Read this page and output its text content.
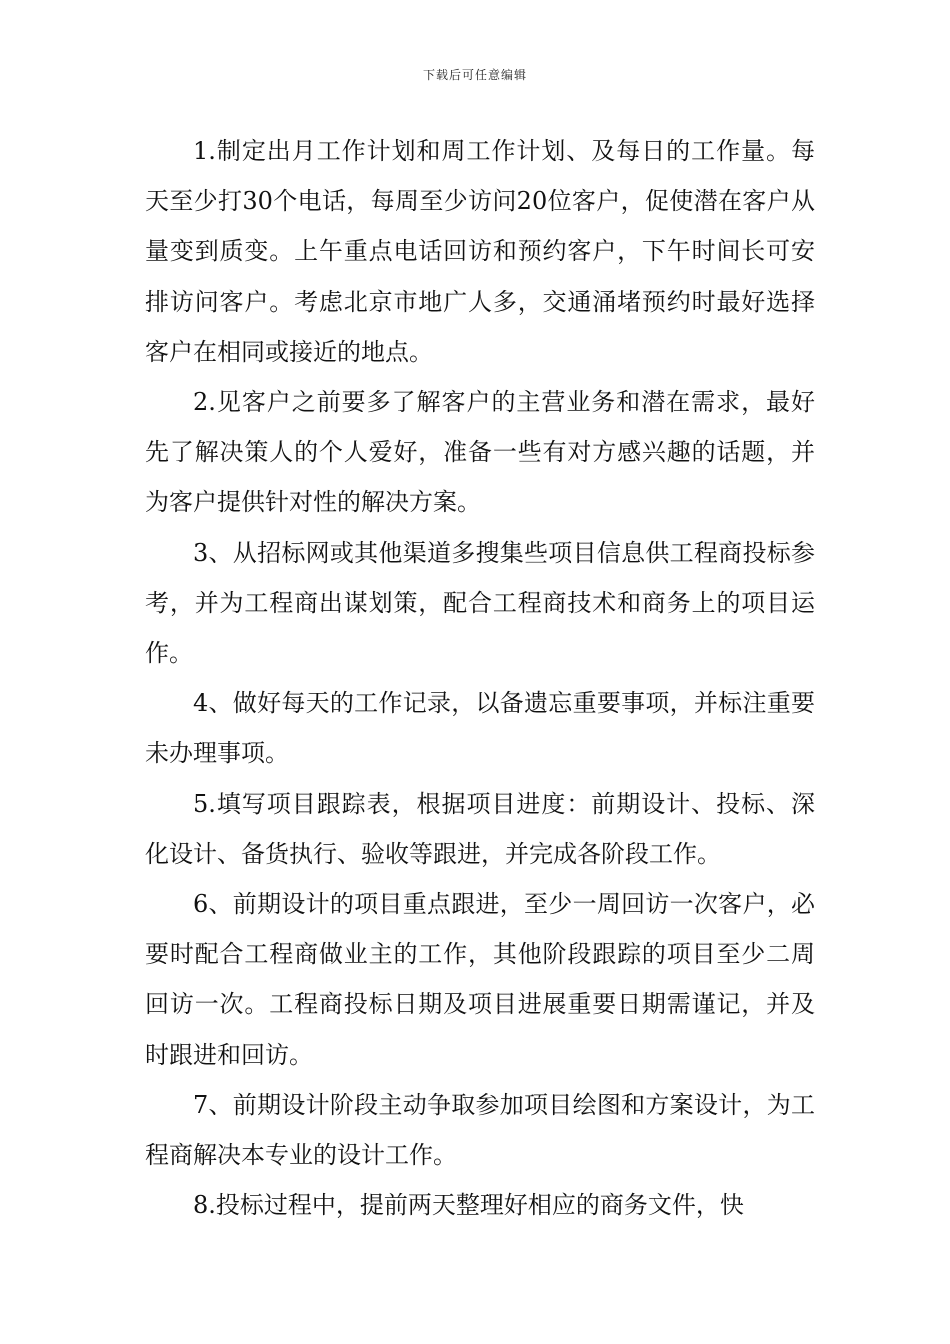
下载后可任意编辑

1.制定出月工作计划和周工作计划、及每日的工作量。每天至少打30个电话，每周至少访问20位客户，促使潜在客户从量变到质变。上午重点电话回访和预约客户，下午时间长可安排访问客户。考虑北京市地广人多，交通涌堵预约时最好选择客户在相同或接近的地点。

2.见客户之前要多了解客户的主营业务和潜在需求，最好先了解决策人的个人爱好，准备一些有对方感兴趣的话题，并为客户提供针对性的解决方案。

3、从招标网或其他渠道多搜集些项目信息供工程商投标参考，并为工程商出谋划策，配合工程商技术和商务上的项目运作。

4、做好每天的工作记录，以备遗忘重要事项，并标注重要未办理事项。

5.填写项目跟踪表，根据项目进度：前期设计、投标、深化设计、备货执行、验收等跟进，并完成各阶段工作。

6、前期设计的项目重点跟进，至少一周回访一次客户，必要时配合工程商做业主的工作，其他阶段跟踪的项目至少二周回访一次。工程商投标日期及项目进展重要日期需谨记，并及时跟进和回访。

7、前期设计阶段主动争取参加项目绘图和方案设计，为工程商解决本专业的设计工作。

8.投标过程中，提前两天整理好相应的商务文件，快
